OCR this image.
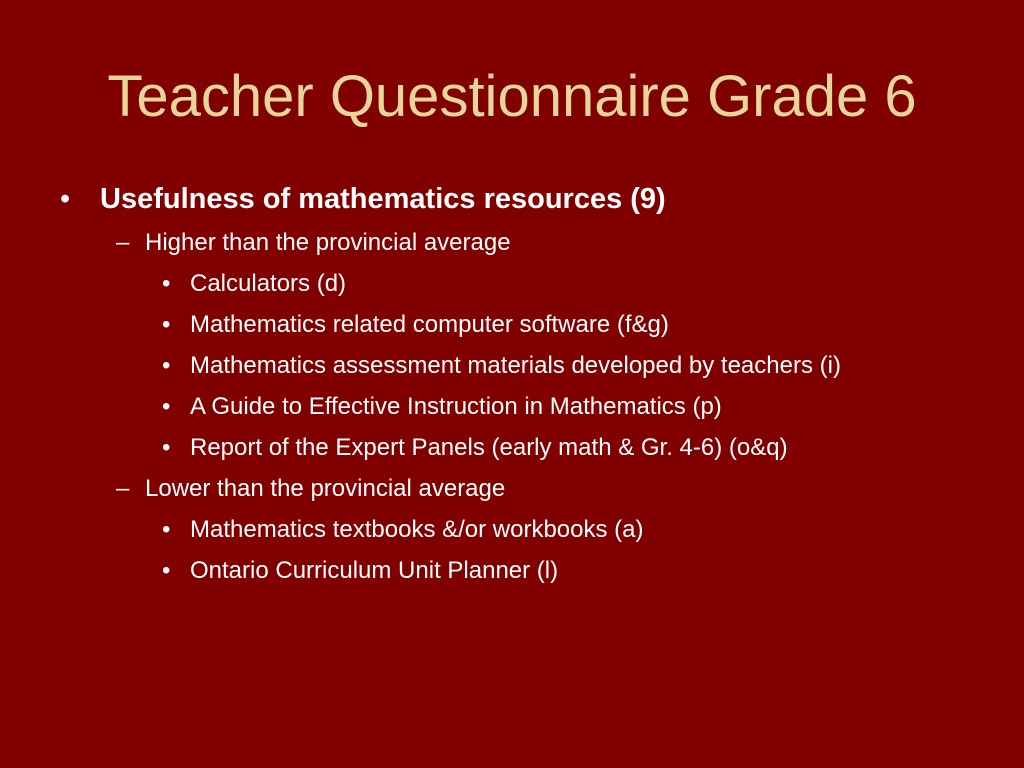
Teacher Questionnaire Grade 6
• Usefulness of mathematics resources (9)
– Higher than the provincial average
• Calculators (d)
• Mathematics related computer software (f&g)
• Mathematics assessment materials developed by teachers (i)
• A Guide to Effective Instruction in Mathematics (p)
• Report of the Expert Panels (early math & Gr. 4-6) (o&q)
– Lower than the provincial average
• Mathematics textbooks &/or workbooks (a)
• Ontario Curriculum Unit Planner (l)
